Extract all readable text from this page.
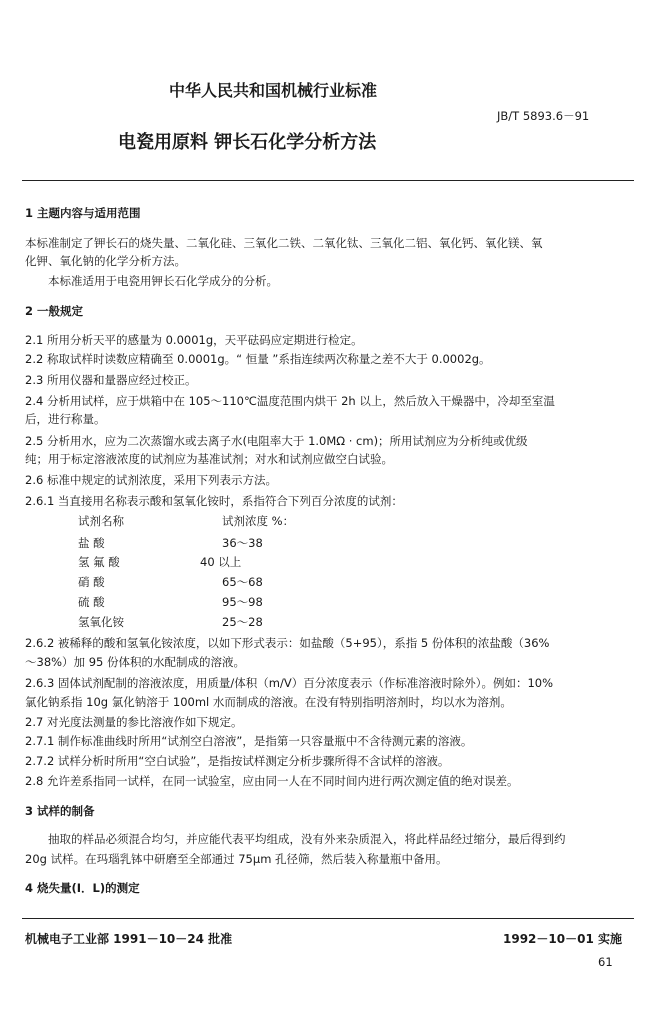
中华人民共和国机械行业标准
JB/T 5893.6－91
电瓷用原料 钾长石化学分析方法
1 主题内容与适用范围
本标准制定了钾长石的烧失量、二氧化硅、三氧化二铁、二氧化钛、三氧化二铝、氧化钙、氧化镁、氧
化钾、氧化钠的化学分析方法。
本标准适用于电瓷用钾长石化学成分的分析。
2 一般规定
2.1 所用分析天平的感量为 0.0001g，天平砝码应定期进行检定。
2.2 称取试样时读数应精确至 0.0001g。“ 恒量 ”系指连续两次称量之差不大于 0.0002g。
2.3 所用仪器和量器应经过校正。
2.4 分析用试样，应于烘箱中在 105～110℃温度范围内烘干 2h 以上，然后放入干燥器中，冷却至室温
后，进行称量。
2.5 分析用水，应为二次蒸馏水或去离子水(电阻率大于 1.0MΩ · cm)；所用试剂应为分析纯或优级
纯；用于标定溶液浓度的试剂应为基准试剂；对水和试剂应做空白试验。
2.6 标准中规定的试剂浓度，采用下列表示方法。
2.6.1 当直接用名称表示酸和氢氧化铵时，系指符合下列百分浓度的试剂：
试剂名称	试剂浓度 %：
盐 酸	36～38
氢 氟 酸	40 以上
硝 酸	65～68
硫 酸	95～98
氢氧化铵	25～28
2.6.2 被稀释的酸和氢氧化铵浓度，以如下形式表示：如盐酸（5+95），系指 5 份体积的浓盐酸（36%
～38%）加 95 份体积的水配制成的溶液。
2.6.3 固体试剂配制的溶液浓度，用质量/体积（m/V）百分浓度表示（作标准溶液时除外）。例如：10%
氯化钠系指 10g 氯化钠溶于 100ml 水而制成的溶液。在没有特别指明溶剂时，均以水为溶剂。
2.7 对光度法测量的参比溶液作如下规定。
2.7.1 制作标准曲线时所用“试剂空白溶液”，是指第一只容量瓶中不含待测元素的溶液。
2.7.2 试样分析时所用“空白试验”，是指按试样测定分析步骤所得不含试样的溶液。
2.8 允许差系指同一试样，在同一试验室，应由同一人在不同时间内进行两次测定值的绝对误差。
3 试样的制备
抽取的样品必须混合均匀，并应能代表平均组成，没有外来杂质混入，将此样品经过缩分，最后得到约
20g 试样。在玛瑙乳钵中研磨至全部通过 75μm 孔径筛，然后装入称量瓶中备用。
4 烧失量(I．L)的测定
机械电子工业部 1991－10－24 批准	1992－10－01 实施
61
